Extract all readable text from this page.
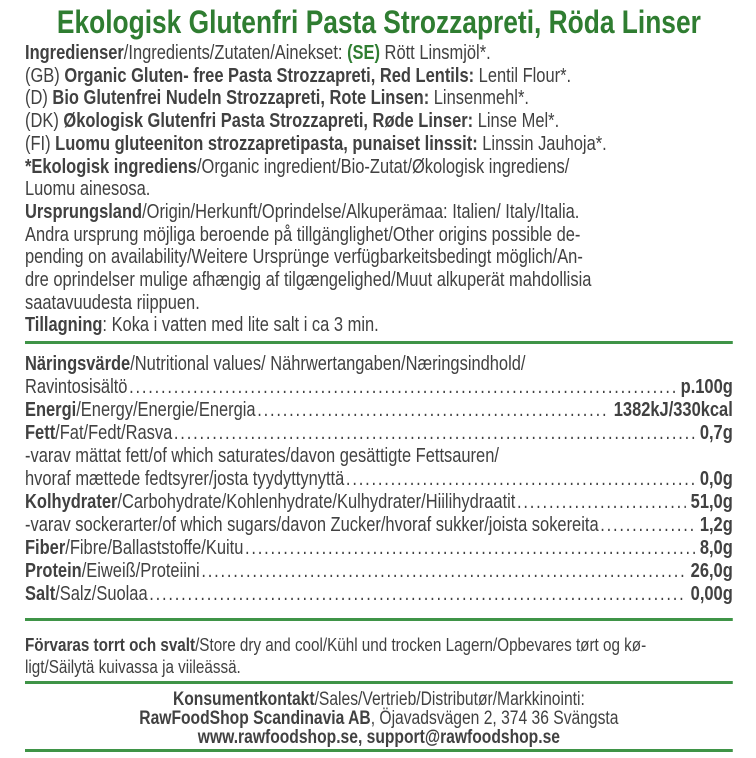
Ekologisk Glutenfri Pasta Strozzapreti, Röda Linser
Ingredienser/Ingredients/Zutaten/Ainekset: (SE) Rött Linsmjöl*.
(GB) Organic Gluten- free Pasta Strozzapreti, Red Lentils: Lentil Flour*.
(D) Bio Glutenfrei Nudeln Strozzapreti, Rote Linsen: Linsenmehl*.
(DK) Økologisk Glutenfri Pasta Strozzapreti, Røde Linser: Linse Mel*.
(FI) Luomu gluteeniton strozzapretipasta, punaiset linssit: Linssin Jauhoja*.
*Ekologisk ingrediens/Organic ingredient/Bio-Zutat/Økologisk ingrediens/
Luomu ainesosa.
Ursprungsland/Origin/Herkunft/Oprindelse/Alkuperämaa: Italien/ Italy/Italia.
Andra ursprung möjliga beroende på tillgänglighet/Other origins possible de-
pending on availability/Weitere Ursprünge verfügbarkeitsbedingt möglich/An-
dre oprindelser mulige afhængig af tilgængelighed/Muut alkuperät mahdollisia
saatavuudesta riippuen.
Tillagning: Koka i vatten med lite salt i ca 3 min.
Näringsvärde/Nutritional values/ Nährwertangaben/Næringsindhold/
Ravintosisältö .....	p.100g
Energi/Energy/Energie/Energia .....	1382kJ/330kcal
Fett/Fat/Fedt/Rasva .....	0,7g
-varav mättat fett/of which saturates/davon gesättigte Fettsauren/
hvoraf mættede fedtsyrer/josta tyydyttynyttä .....	0,0g
Kolhydrater/Carbohydrate/Kohlenhydrate/Kulhydrater/Hiilihydraatit .....	51,0g
-varav sockerarter/of which sugars/davon Zucker/hvoraf sukker/joista sokereita .....	1,2g
Fiber/Fibre/Ballaststoffe/Kuitu .....	8,0g
Protein/Eiweiß/Proteiini .....	26,0g
Salt/Salz/Suolaa .....	0,00g
Förvaras torrt och svalt/Store dry and cool/Kühl und trocken Lagern/Opbevares tørt og kø-
ligt/Säilytä kuivassa ja viileässä.
Konsumentkontakt/Sales/Vertrieb/Distributør/Markkinointi:
RawFoodShop Scandinavia AB, Öjavadsvägen 2, 374 36 Svängsta
www.rawfoodshop.se, support@rawfoodshop.se
